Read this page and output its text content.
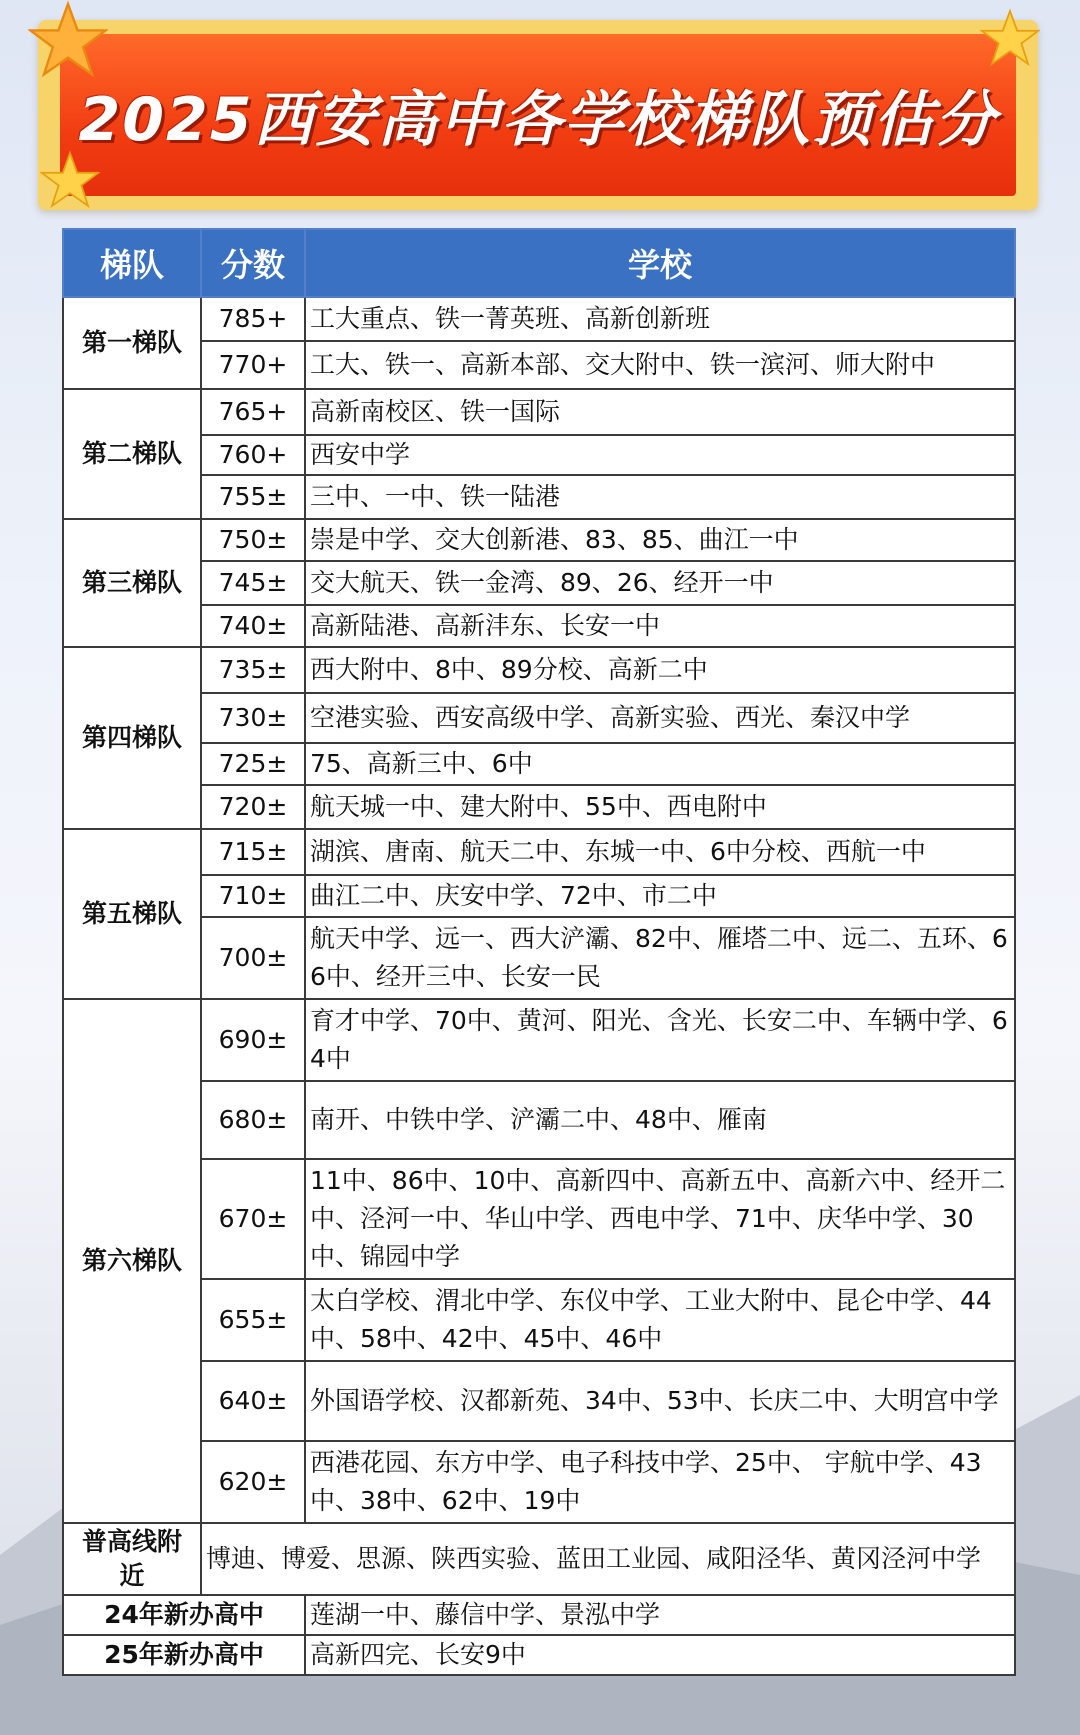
2025西安高中各学校梯队预估分
梯队	分数	学校
第一梯队	785+	工大重点、铁一菁英班、高新创新班
	770+	工大、铁一、高新本部、交大附中、铁一滨河、师大附中
第二梯队	765+	高新南校区、铁一国际
	760+	西安中学
	755±	三中、一中、铁一陆港
第三梯队	750±	崇是中学、交大创新港、83、85、曲江一中
	745±	交大航天、铁一金湾、89、26、经开一中
	740±	高新陆港、高新沣东、长安一中
第四梯队	735±	西大附中、8中、89分校、高新二中
	730±	空港实验、西安高级中学、高新实验、西光、秦汉中学
	725±	75、高新三中、6中
	720±	航天城一中、建大附中、55中、西电附中
第五梯队	715±	湖滨、唐南、航天二中、东城一中、6中分校、西航一中
	710±	曲江二中、庆安中学、72中、市二中
	700±	航天中学、远一、西大浐灞、82中、雁塔二中、远二、五环、66中、经开三中、长安一民
第六梯队	690±	育才中学、70中、黄河、阳光、含光、长安二中、车辆中学、64中
	680±	南开、中铁中学、浐灞二中、48中、雁南
	670±	11中、86中、10中、高新四中、高新五中、高新六中、经开二中、泾河一中、华山中学、西电中学、71中、庆华中学、30中、锦园中学
	655±	太白学校、渭北中学、东仪中学、工业大附中、昆仑中学、44中、58中、42中、45中、46中
	640±	外国语学校、汉都新苑、34中、53中、长庆二中、大明宫中学
	620±	西港花园、东方中学、电子科技中学、25中、 宇航中学、43中、38中、62中、19中
普高线附近	博迪、博爱、思源、陕西实验、蓝田工业园、咸阳泾华、黄冈泾河中学	
24年新办高中		莲湖一中、藤信中学、景泓中学
25年新办高中		高新四完、长安9中
